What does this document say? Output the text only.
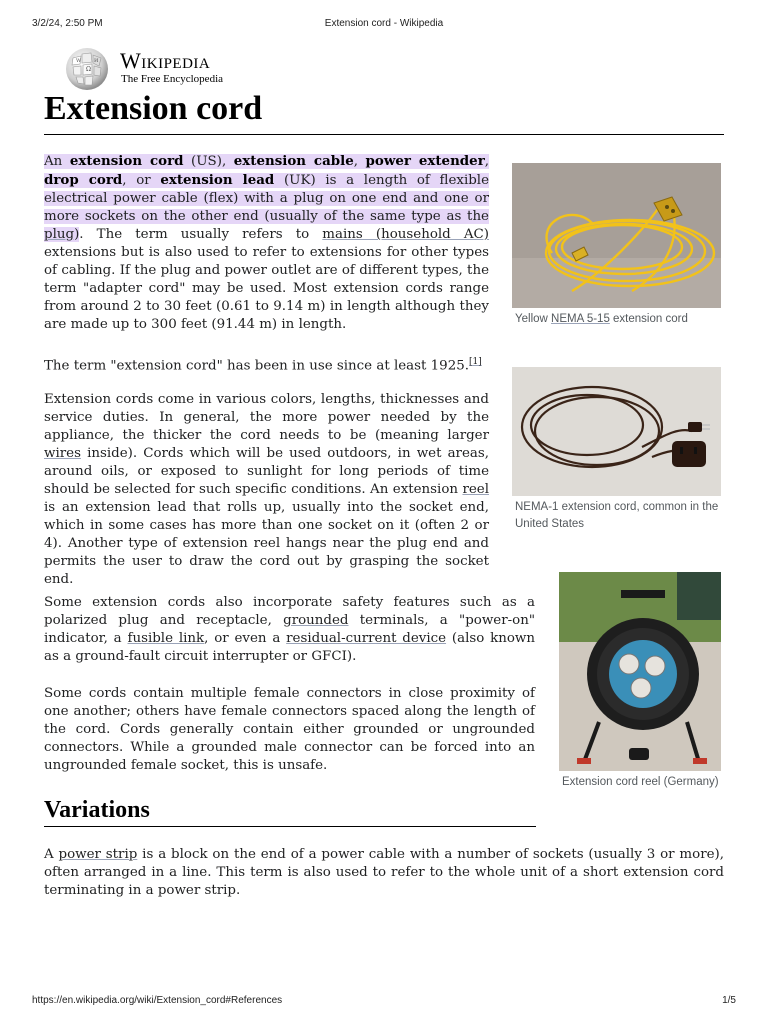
3/2/24, 2:50 PM	Extension cord - Wikipedia
Ω
W	И Wikipedia
The Free Encyclopedia
Extension cord

An extension cord (US), extension cable, power extender, drop cord, or extension lead (UK) is a length of flexible electrical power cable (flex) with a plug on one end and one or more sockets on the other end (usually of the same type as the plug). The term usually refers to mains (household AC) extensions but is also used to refer to extensions for other types of cabling. If the plug and power outlet are of different types, the term "adapter cord" may be used. Most extension cords range from around 2 to 30 feet (0.61 to 9.14 m) in length although they are made up to 300 feet (91.44 m) in length.

The term "extension cord" has been in use since at least 1925.[1]

Extension cords come in various colors, lengths, thicknesses and service duties. In general, the more power needed by the appliance, the thicker the cord needs to be (meaning larger wires inside). Cords which will be used outdoors, in wet areas, around oils, or exposed to sunlight for long periods of time should be selected for such specific conditions. An extension reel is an extension lead that rolls up, usually into the socket end, which in some cases has more than one socket on it (often 2 or 4). Another type of extension reel hangs near the plug end and permits the user to draw the cord out by grasping the socket end.

Some extension cords also incorporate safety features such as a polarized plug and receptacle, grounded terminals, a "power-on" indicator, a fusible link, or even a residual-current device (also known as a ground-fault circuit interrupter or GFCI).

Some cords contain multiple female connectors in close proximity of one another; others have female connectors spaced along the length of the cord. Cords generally contain either grounded or ungrounded connectors. While a grounded male connector can be forced into an ungrounded female socket, this is unsafe.

Variations

A power strip is a block on the end of a power cable with a number of sockets (usually 3 or more), often arranged in a line. This term is also used to refer to the whole unit of a short extension cord terminating in a power strip.

Yellow NEMA 5-15 extension cord
NEMA-1 extension cord, common in the United States
Extension cord reel (Germany)
https://en.wikipedia.org/wiki/Extension_cord#References	1/5
